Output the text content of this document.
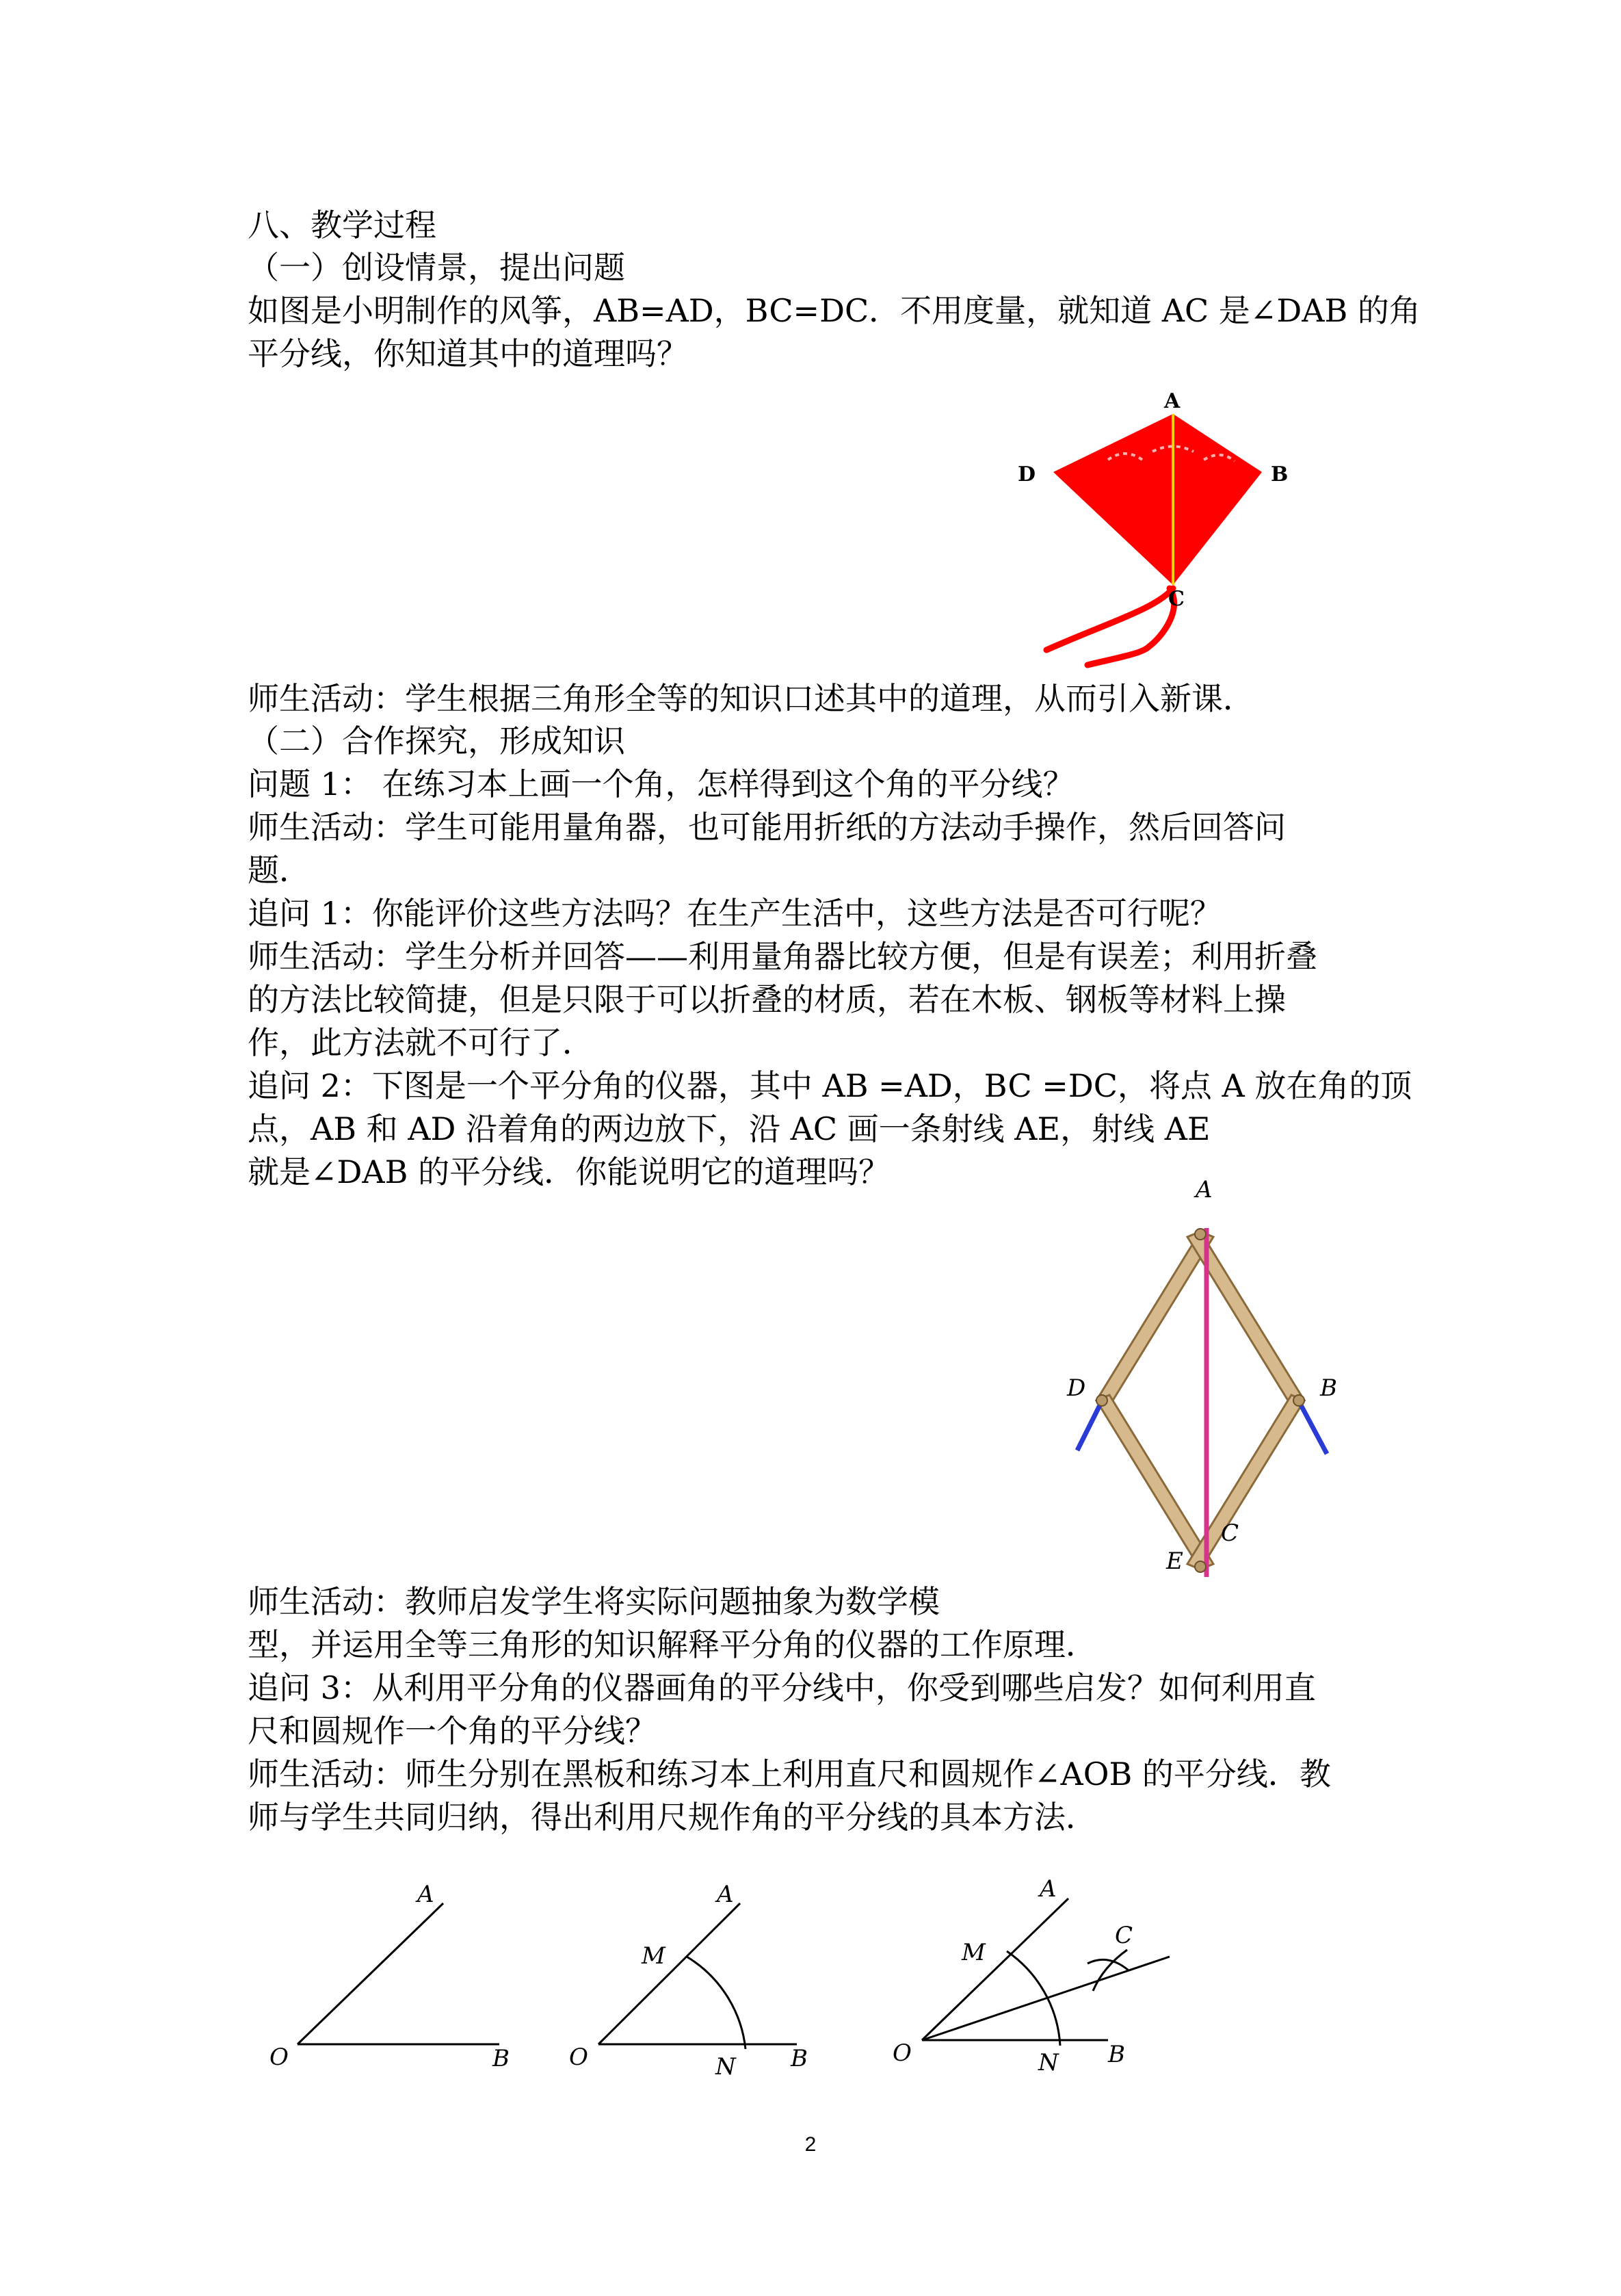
八、教学过程
（一）创设情景，提出问题
如图是小明制作的风筝，AB=AD，BC=DC．不用度量，就知道 AC 是∠DAB 的角
平分线，你知道其中的道理吗？
A
D	B
C
师生活动：学生根据三角形全等的知识口述其中的道理，从而引入新课．
（二）合作探究，形成知识
问题 1： 在练习本上画一个角，怎样得到这个角的平分线？
师生活动：学生可能用量角器，也可能用折纸的方法动手操作，然后回答问
题．
追问 1：你能评价这些方法吗？在生产生活中，这些方法是否可行呢？
师生活动：学生分析并回答——利用量角器比较方便，但是有误差；利用折叠
的方法比较简捷，但是只限于可以折叠的材质，若在木板、钢板等材料上操
作，此方法就不可行了．
追问 2：下图是一个平分角的仪器，其中 AB =AD，BC =DC，将点 A 放在角的顶
点，AB 和 AD 沿着角的两边放下，沿 AC 画一条射线 AE，射线 AE
就是∠DAB 的平分线．你能说明它的道理吗？	A
D	B
C
E
师生活动：教师启发学生将实际问题抽象为数学模
型，并运用全等三角形的知识解释平分角的仪器的工作原理．
追问 3：从利用平分角的仪器画角的平分线中，你受到哪些启发？如何利用直
尺和圆规作一个角的平分线？
师生活动：师生分别在黑板和练习本上利用直尺和圆规作∠AOB 的平分线．教
师与学生共同归纳，得出利用尺规作角的平分线的具本方法．
A
O	B
A
M
O	N B
A
M
C
O	N B
2
